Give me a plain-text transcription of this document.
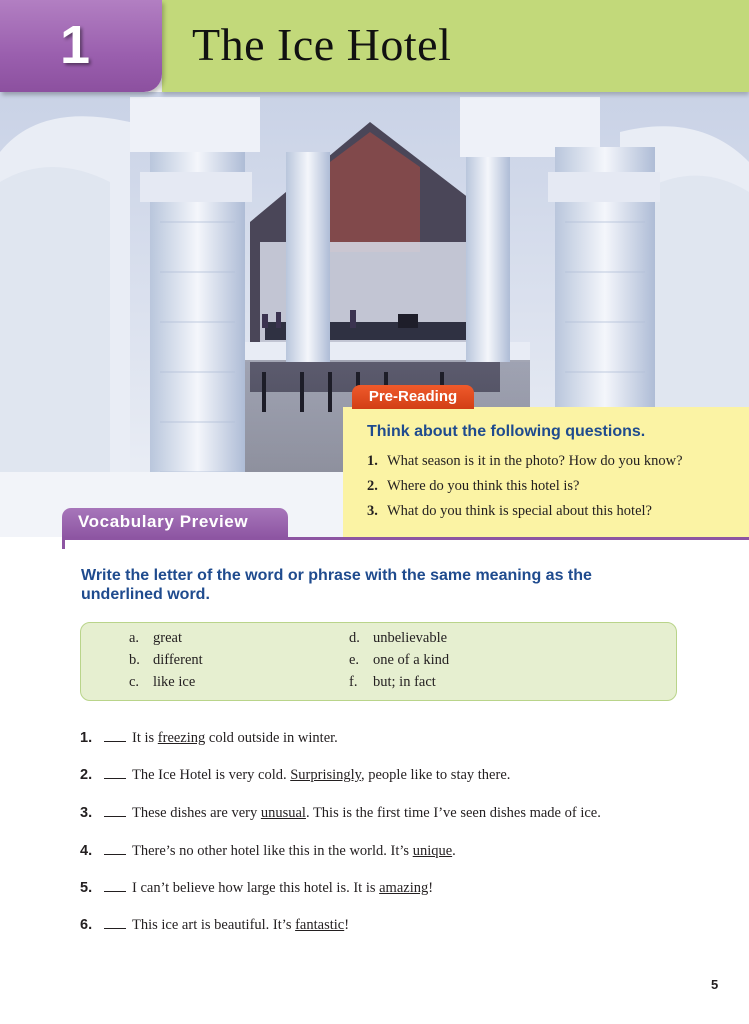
1 The Ice Hotel
Pre-Reading
Think about the following questions.
1. What season is it in the photo? How do you know?
2. Where do you think this hotel is?
3. What do you think is special about this hotel?
Vocabulary Preview
Write the letter of the word or phrase with the same meaning as the underlined word.
a. great
b. different
c. like ice
d. unbelievable
e. one of a kind
f. but; in fact
1.	It is freezing cold outside in winter.
2.	The Ice Hotel is very cold. Surprisingly, people like to stay there.
3.	These dishes are very unusual. This is the first time I’ve seen dishes made of ice.
4.	There’s no other hotel like this in the world. It’s unique.
5.	I can’t believe how large this hotel is. It is amazing!
6.	This ice art is beautiful. It’s fantastic!
5
